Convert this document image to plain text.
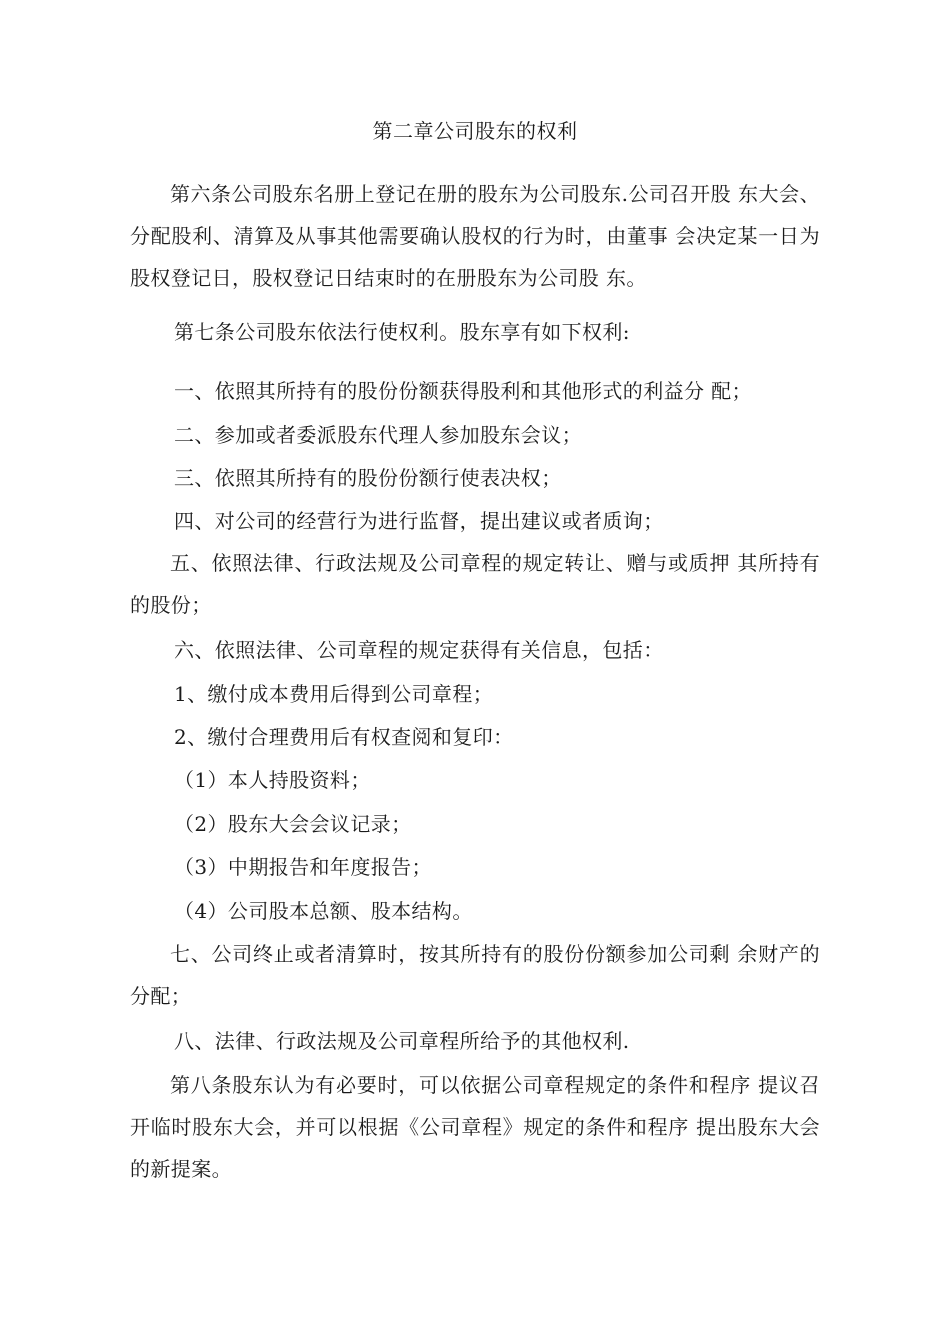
第二章公司股东的权利
第六条公司股东名册上登记在册的股东为公司股东.公司召开股 东大会、分配股利、清算及从事其他需要确认股权的行为时，由董事 会决定某一日为股权登记日，股权登记日结束时的在册股东为公司股 东。
第七条公司股东依法行使权利。股东享有如下权利:
一、依照其所持有的股份份额获得股利和其他形式的利益分 配；
二、参加或者委派股东代理人参加股东会议；
三、依照其所持有的股份份额行使表决权；
四、对公司的经营行为进行监督，提出建议或者质询；
五、依照法律、行政法规及公司章程的规定转让、赠与或质押 其所持有的股份；
六、依照法律、公司章程的规定获得有关信息，包括：
1、缴付成本费用后得到公司章程；
2、缴付合理费用后有权查阅和复印：
（1）本人持股资料；
（2）股东大会会议记录；
（3）中期报告和年度报告；
（4）公司股本总额、股本结构。
七、公司终止或者清算时，按其所持有的股份份额参加公司剩 余财产的分配；
八、法律、行政法规及公司章程所给予的其他权利.
第八条股东认为有必要时，可以依据公司章程规定的条件和程序 提议召开临时股东大会，并可以根据《公司章程》规定的条件和程序 提出股东大会的新提案。
